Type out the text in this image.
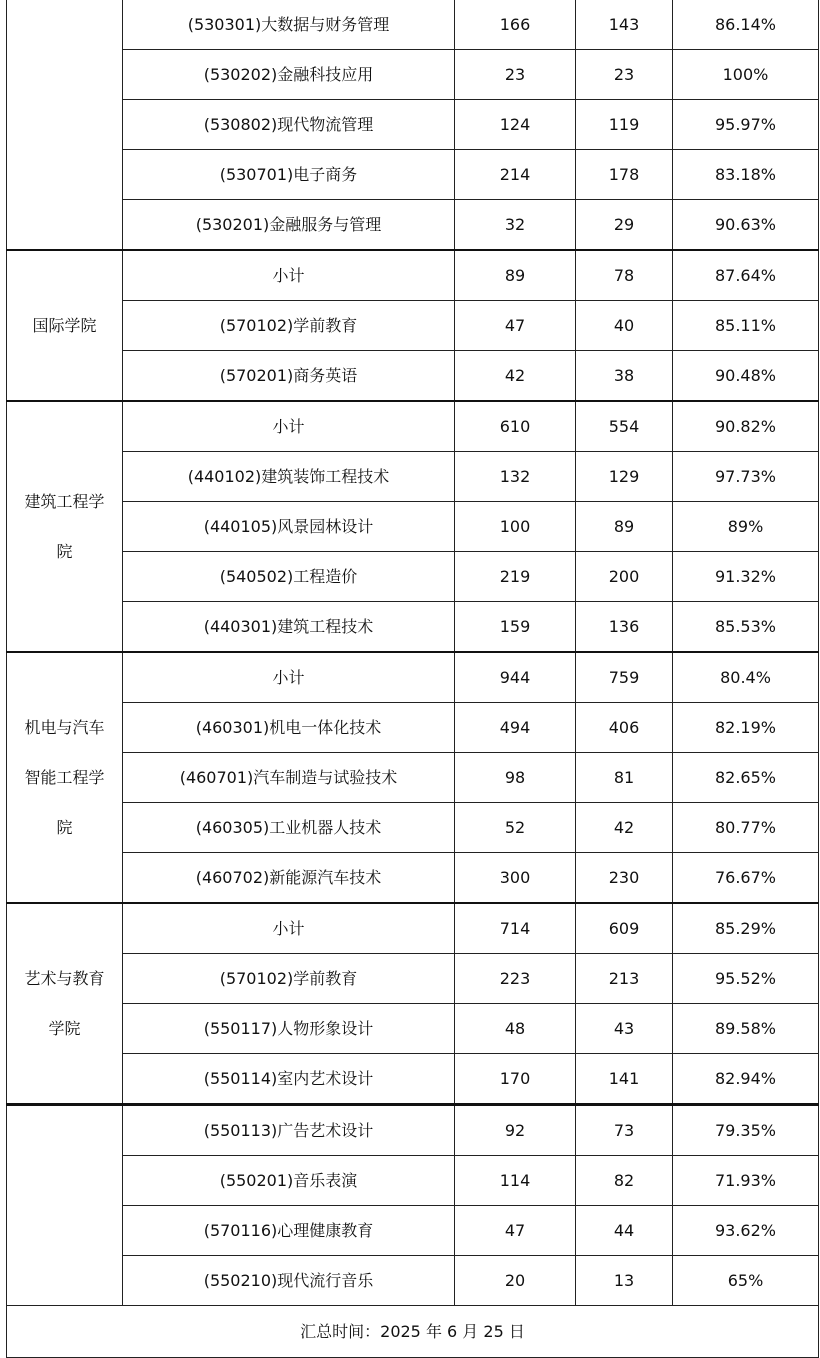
	(530301)大数据与财务管理	166	143	86.14%
	(530202)金融科技应用	23	23	100%
	(530802)现代物流管理	124	119	95.97%
	(530701)电子商务	214	178	83.18%
	(530201)金融服务与管理	32	29	90.63%
国际学院	小计	89	78	87.64%
	(570102)学前教育	47	40	85.11%
	(570201)商务英语	42	38	90.48%
建筑工程学院	小计	610	554	90.82%
	(440102)建筑装饰工程技术	132	129	97.73%
	(440105)风景园林设计	100	89	89%
	(540502)工程造价	219	200	91.32%
	(440301)建筑工程技术	159	136	85.53%
机电与汽车智能工程学院	小计	944	759	80.4%
	(460301)机电一体化技术	494	406	82.19%
	(460701)汽车制造与试验技术	98	81	82.65%
	(460305)工业机器人技术	52	42	80.77%
	(460702)新能源汽车技术	300	230	76.67%
艺术与教育学院	小计	714	609	85.29%
	(570102)学前教育	223	213	95.52%
	(550117)人物形象设计	48	43	89.58%
	(550114)室内艺术设计	170	141	82.94%
	(550113)广告艺术设计	92	73	79.35%
	(550201)音乐表演	114	82	71.93%
	(570116)心理健康教育	47	44	93.62%
	(550210)现代流行音乐	20	13	65%
汇总时间：2025 年 6 月 25 日				
